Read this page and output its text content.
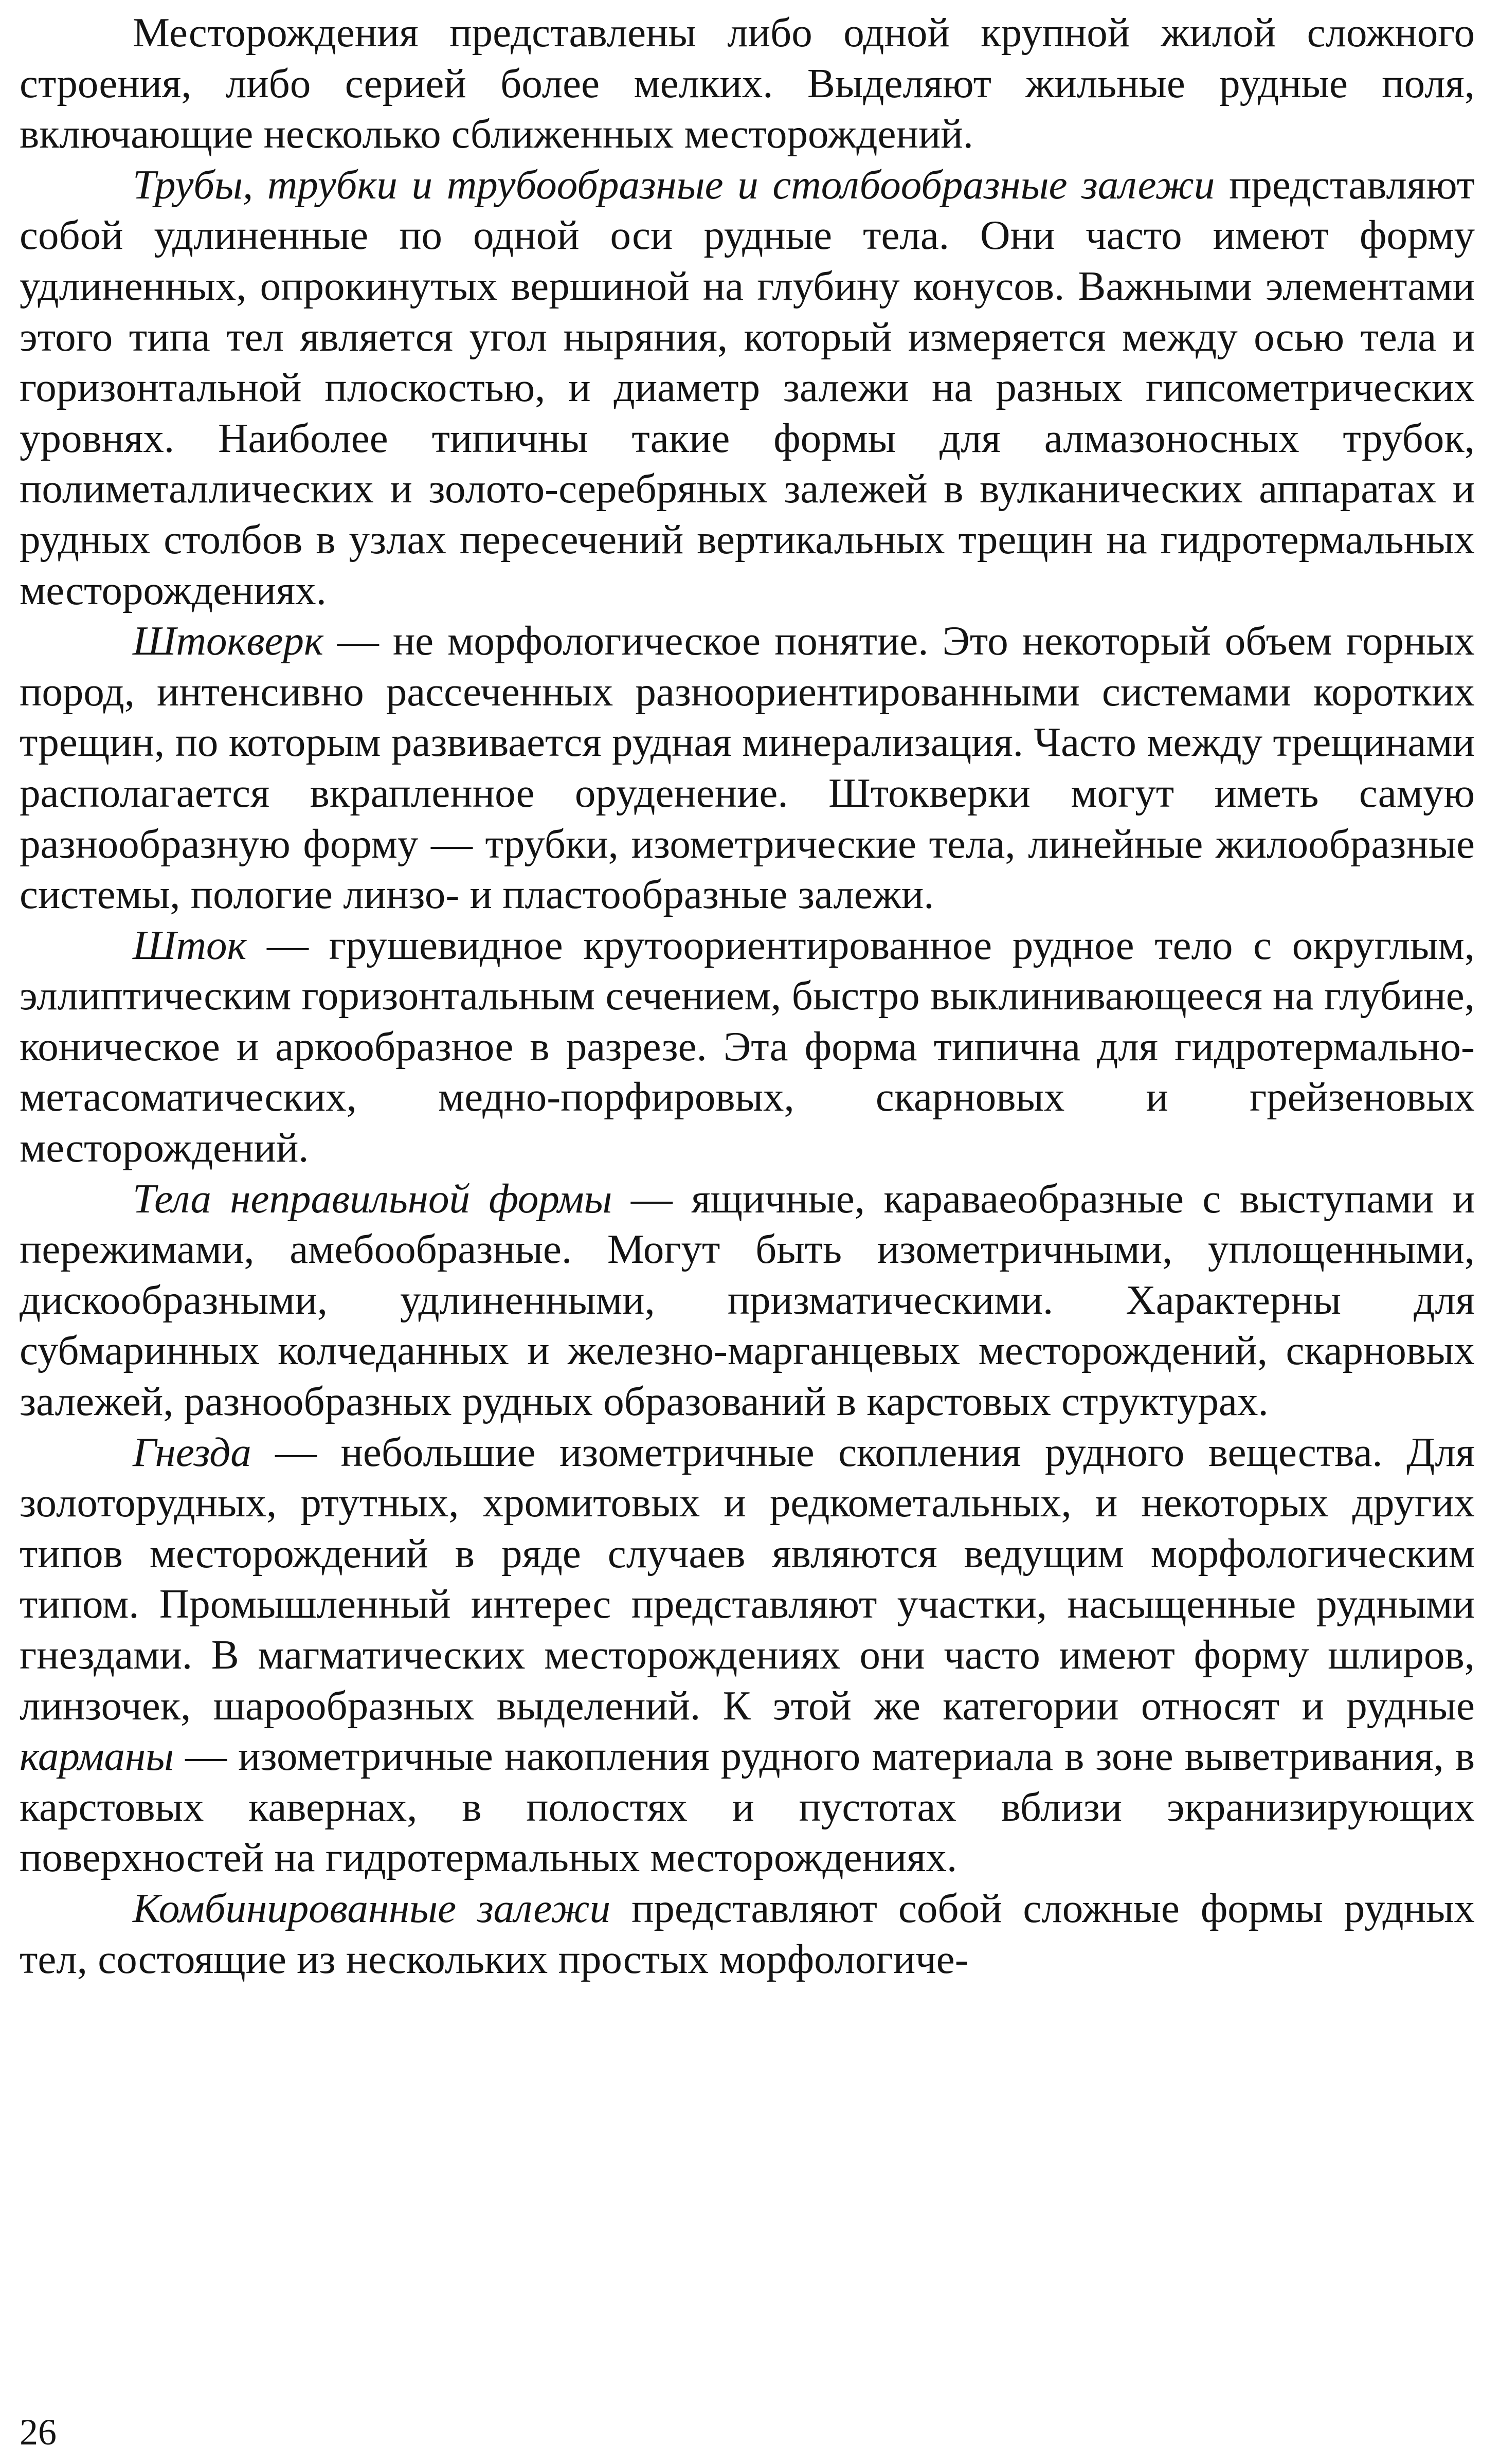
Месторождения представлены либо одной крупной жилой сложного строения, либо серией более мелких. Выделяют жильные рудные поля, включающие несколько сближенных месторождений.

Трубы, трубки и трубообразные и столбообразные залежи представляют собой удлиненные по одной оси рудные тела. Они часто имеют форму удлиненных, опрокинутых вершиной на глубину конусов. Важными элементами этого типа тел является угол ныряния, который измеряется между осью тела и горизонтальной плоскостью, и диаметр залежи на разных гипсометрических уровнях. Наиболее типичны такие формы для алмазоносных трубок, полиметаллических и золото-серебряных залежей в вулканических аппаратах и рудных столбов в узлах пересечений вертикальных трещин на гидротермальных месторождениях.

Штокверк — не морфологическое понятие. Это некоторый объем горных пород, интенсивно рассеченных разноориентированными системами коротких трещин, по которым развивается рудная минерализация. Часто между трещинами располагается вкрапленное оруденение. Штокверки могут иметь самую разнообразную форму — трубки, изометрические тела, линейные жилообразные системы, пологие линзо- и пластообразные залежи.

Шток — грушевидное крутоориентированное рудное тело с округлым, эллиптическим горизонтальным сечением, быстро выклинивающееся на глубине, коническое и аркообразное в разрезе. Эта форма типична для гидротермально-метасоматических, медно-порфировых, скарновых и грейзеновых месторождений.

Тела неправильной формы — ящичные, караваеобразные с выступами и пережимами, амебообразные. Могут быть изометричными, уплощенными, дискообразными, удлиненными, призматическими. Характерны для субмаринных колчеданных и железно-марганцевых месторождений, скарновых залежей, разнообразных рудных образований в карстовых структурах.

Гнезда — небольшие изометричные скопления рудного вещества. Для золоторудных, ртутных, хромитовых и редкометальных, и некоторых других типов месторождений в ряде случаев являются ведущим морфологическим типом. Промышленный интерес представляют участки, насыщенные рудными гнездами. В магматических месторождениях они часто имеют форму шлиров, линзочек, шарообразных выделений. К этой же категории относят и рудные карманы — изометричные накопления рудного материала в зоне выветривания, в карстовых кавернах, в полостях и пустотах вблизи экранизирующих поверхностей на гидротермальных месторождениях.

Комбинированные залежи представляют собой сложные формы рудных тел, состоящие из нескольких простых морфологиче-

26
